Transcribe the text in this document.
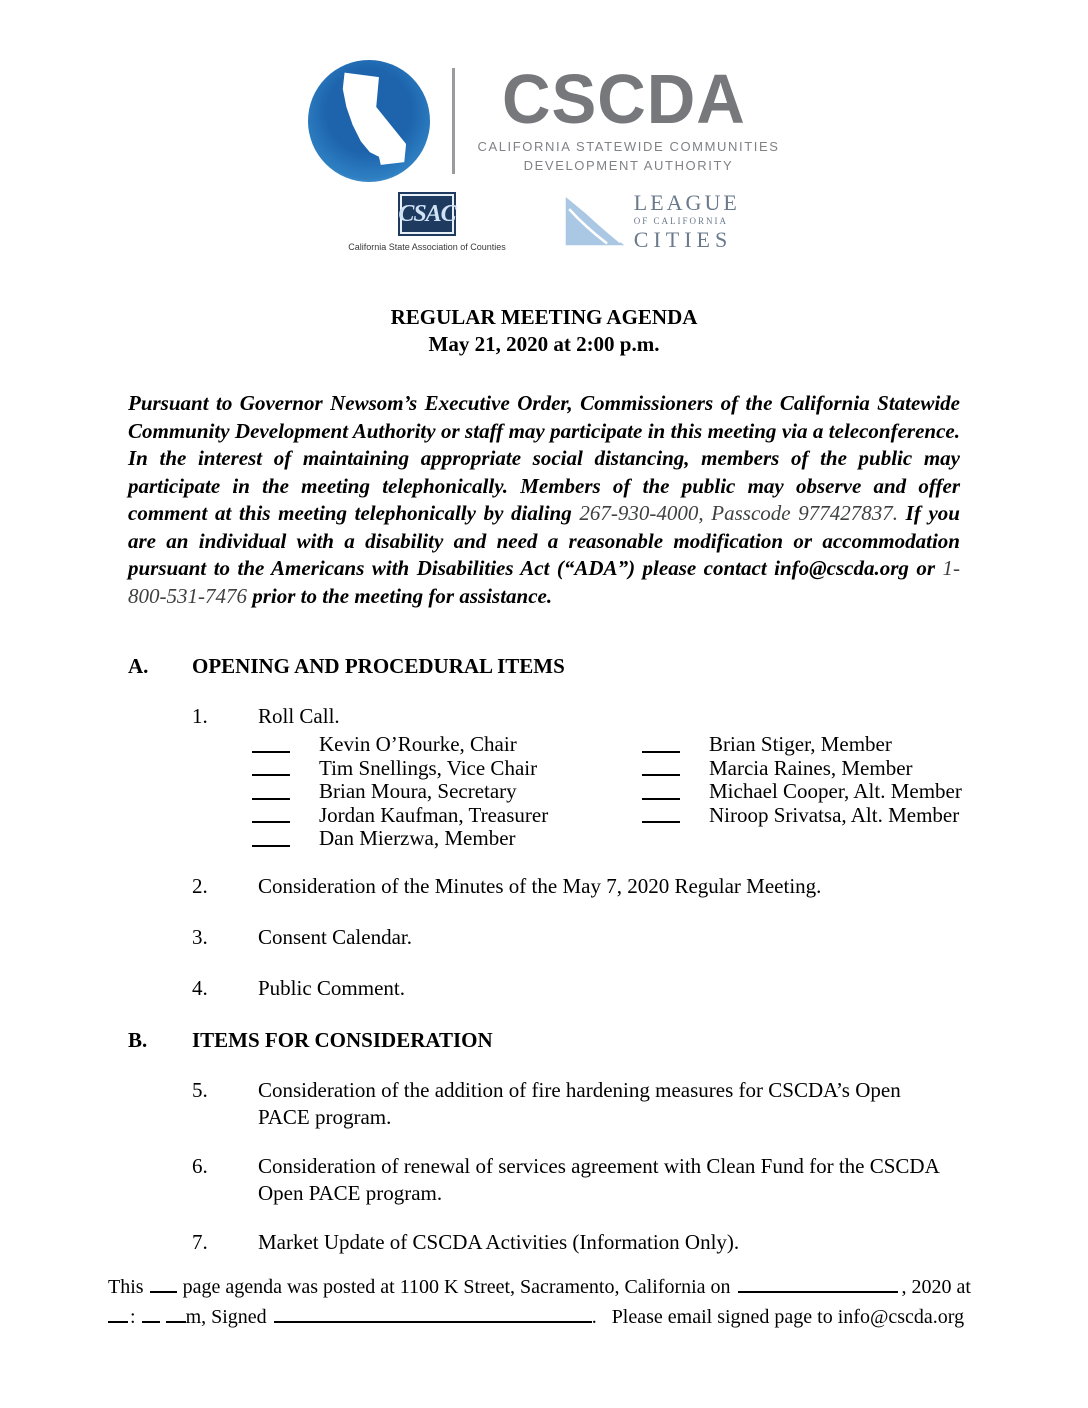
CSCDA
CALIFORNIA STATEWIDE COMMUNITIES
DEVELOPMENT AUTHORITY
CSAC
California State Association of Counties
LEAGUE
OF CALIFORNIA
CITIES
REGULAR MEETING AGENDA
May 21, 2020 at 2:00 p.m.
Pursuant to Governor Newsom’s Executive Order, Commissioners of the California Statewide Community Development Authority or staff may participate in this meeting via a teleconference. In the interest of maintaining appropriate social distancing, members of the public may participate in the meeting telephonically. Members of the public may observe and offer comment at this meeting telephonically by dialing 267-930-4000, Passcode 977427837. If you are an individual with a disability and need a reasonable modification or accommodation pursuant to the Americans with Disabilities Act (“ADA”) please contact info@cscda.org or 1-800-531-7476 prior to the meeting for assistance.
A.	OPENING AND PROCEDURAL ITEMS
1.	Roll Call.
Kevin O’Rourke, Chair
Tim Snellings, Vice Chair
Brian Moura, Secretary
Jordan Kaufman, Treasurer
Dan Mierzwa, Member
Brian Stiger, Member
Marcia Raines, Member
Michael Cooper, Alt. Member
Niroop Srivatsa, Alt. Member
2.	Consideration of the Minutes of the May 7, 2020 Regular Meeting.
3.	Consent Calendar.
4.	Public Comment.
B.	ITEMS FOR CONSIDERATION
5.	Consideration of the addition of fire hardening measures for CSCDA’s Open PACE program.
6.	Consideration of renewal of services agreement with Clean Fund for the CSCDA Open PACE program.
7.	Market Update of CSCDA Activities (Information Only).
This page agenda was posted at 1100 K Street, Sacramento, California on	, 2020 at
:	m, Signed	. Please email signed page to info@cscda.org
